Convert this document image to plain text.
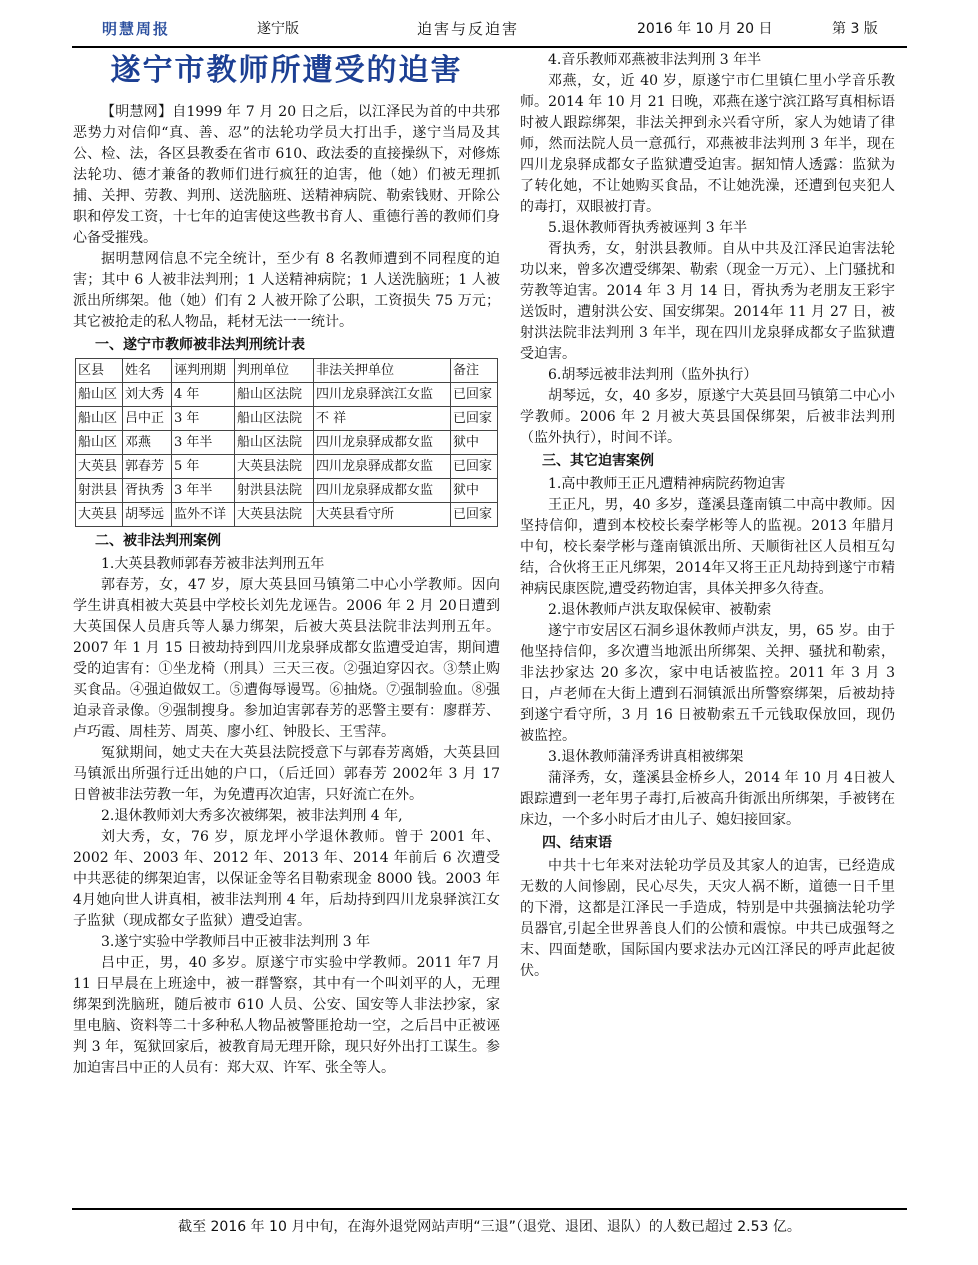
明慧周报	遂宁版	迫害与反迫害	2016 年 10 月 20 日	第 3 版
遂宁市教师所遭受的迫害

【明慧网】自1999 年 7 月 20 日之后，以江泽民为首的中共邪恶势力对信仰“真、善、忍”的法轮功学员大打出手，遂宁当局及其公、检、法，各区县教委在省市 610、政法委的直接操纵下，对修炼法轮功、德才兼备的教师们进行疯狂的迫害，他（她）们被无理抓捕、关押、劳教、判刑、送洗脑班、送精神病院、勒索钱财、开除公职和停发工资，十七年的迫害使这些教书育人、重德行善的教师们身心备受摧残。

据明慧网信息不完全统计，至少有 8 名教师遭到不同程度的迫害；其中 6 人被非法判刑；1 人送精神病院；1 人送洗脑班；1 人被派出所绑架。他（她）们有 2 人被开除了公职，工资损失 75 万元；其它被抢走的私人物品，耗材无法一一统计。

一、遂宁市教师被非法判刑统计表
区县	姓名	诬判刑期	判刑单位	非法关押单位	备注
船山区	刘大秀	4 年	船山区法院	四川龙泉驿滨江女监	已回家
船山区	吕中正	3 年	船山区法院	不 祥	已回家
船山区	邓燕	3 年半	船山区法院	四川龙泉驿成都女监	狱中
大英县	郭春芳	5 年	大英县法院	四川龙泉驿成都女监	已回家
射洪县	胥执秀	3 年半	射洪县法院	四川龙泉驿成都女监	狱中
大英县	胡琴远	监外不详	大英县法院	大英县看守所	已回家
二、被非法判刑案例

1.大英县教师郭春芳被非法判刑五年

郭春芳，女，47 岁，原大英县回马镇第二中心小学教师。因向学生讲真相被大英县中学校长刘先龙诬告。2006 年 2 月 20日遭到大英国保人员唐兵等人暴力绑架，后被大英县法院非法判刑五年。2007 年 1 月 15 日被劫持到四川龙泉驿成都女监遭受迫害，期间遭受的迫害有：①坐龙椅（刑具）三天三夜。②强迫穿囚衣。③禁止购买食品。④强迫做奴工。⑤遭侮辱谩骂。⑥抽烧。⑦强制验血。⑧强迫录音录像。⑨强制搜身。参加迫害郭春芳的恶警主要有：廖群芳、卢巧霞、周桂芳、周英、廖小红、钟股长、王雪萍。

冤狱期间，她丈夫在大英县法院授意下与郭春芳离婚，大英县回马镇派出所强行迁出她的户口，（后迁回）郭春芳 2002年 3 月 17 日曾被非法劳教一年，为免遭再次迫害，只好流亡在外。

2.退休教师刘大秀多次被绑架，被非法判刑 4 年,

刘大秀，女，76 岁，原龙坪小学退休教师。曾于 2001 年、2002 年、2003 年、2012 年、2013 年、2014 年前后 6 次遭受中共恶徒的绑架迫害，以保证金等名目勒索现金 8000 钱。2003 年 4月她向世人讲真相，被非法判刑 4 年，后劫持到四川龙泉驿滨江女子监狱（现成都女子监狱）遭受迫害。

3.遂宁实验中学教师吕中正被非法判刑 3 年

吕中正，男，40 多岁。原遂宁市实验中学教师。2011 年7 月 11 日早晨在上班途中，被一群警察，其中有一个叫刘平的人，无理绑架到洗脑班，随后被市 610 人员、公安、国安等人非法抄家，家里电脑、资料等二十多种私人物品被警匪抢劫一空，之后吕中正被诬判 3 年，冤狱回家后，被教育局无理开除，现只好外出打工谋生。参加迫害吕中正的人员有：郑大双、许军、张全等人。

4.音乐教师邓燕被非法判刑 3 年半

邓燕，女，近 40 岁，原遂宁市仁里镇仁里小学音乐教师。2014 年 10 月 21 日晚，邓燕在遂宁滨江路写真相标语时被人跟踪绑架，非法关押到永兴看守所，家人为她请了律师，然而法院人员一意孤行，邓燕被非法判刑 3 年半，现在四川龙泉驿成都女子监狱遭受迫害。据知情人透露：监狱为了转化她，不让她购买食品，不让她洗澡，还遭到包夹犯人的毒打，双眼被打青。

5.退休教师胥执秀被诬判 3 年半

胥执秀，女，射洪县教师。自从中共及江泽民迫害法轮功以来，曾多次遭受绑架、勒索（现金一万元）、上门骚扰和劳教等迫害。2014 年 3 月 14 日，胥执秀为老朋友王彩宇送饭时，遭射洪公安、国安绑架。2014年 11 月 27 日，被射洪法院非法判刑 3 年半，现在四川龙泉驿成都女子监狱遭受迫害。

6.胡琴远被非法判刑（监外执行）

胡琴远，女，40 多岁，原遂宁大英县回马镇第二中心小学教师。2006 年 2 月被大英县国保绑架，后被非法判刑（监外执行），时间不详。

三、其它迫害案例

1.高中教师王正凡遭精神病院药物迫害

王正凡，男，40 多岁，蓬溪县蓬南镇二中高中教师。因坚持信仰，遭到本校校长秦学彬等人的监视。2013 年腊月中旬，校长秦学彬与蓬南镇派出所、天顺街社区人员相互勾结，合伙将王正凡绑架，2014年又将王正凡劫持到遂宁市精神病民康医院,遭受药物迫害，具体关押多久待查。

2.退休教师卢洪友取保候审、被勒索

遂宁市安居区石洞乡退休教师卢洪友，男，65 岁。由于他坚持信仰，多次遭当地派出所绑架、关押、骚扰和勒索，非法抄家达 20 多次，家中电话被监控。2011 年 3 月 3 日，卢老师在大街上遭到石洞镇派出所警察绑架，后被劫持到遂宁看守所，3 月 16 日被勒索五千元钱取保放回，现仍被监控。

3.退休教师蒲泽秀讲真相被绑架

蒲泽秀，女，蓬溪县金桥乡人，2014 年 10 月 4日被人跟踪遭到一老年男子毒打,后被高升街派出所绑架，手被铐在床边，一个多小时后才由儿子、媳妇接回家。

四、结束语

中共十七年来对法轮功学员及其家人的迫害，已经造成无数的人间惨剧，民心尽失，天灾人祸不断，道德一日千里的下滑，这都是江泽民一手造成，特别是中共强摘法轮功学员器官,引起全世界善良人们的公愤和震惊。中共已成强弩之末、四面楚歌，国际国内要求法办元凶江泽民的呼声此起彼伏。

截至 2016 年 10 月中旬，在海外退党网站声明“三退”（退党、退团、退队）的人数已超过 2.53 亿。
